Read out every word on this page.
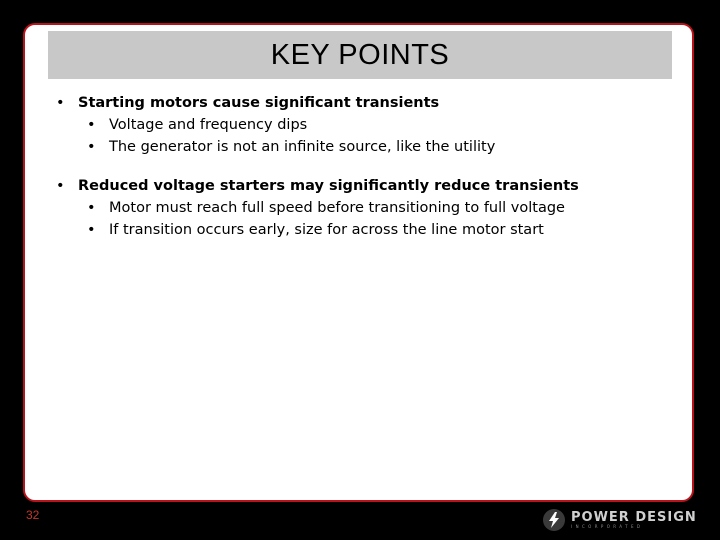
KEY POINTS
• Starting motors cause significant transients
• Voltage and frequency dips
• The generator is not an infinite source, like the utility
• Reduced voltage starters may significantly reduce transients
• Motor must reach full speed before transitioning to full voltage
• If transition occurs early, size for across the line motor start
32	POWER DESIGN
INCORPORATED
